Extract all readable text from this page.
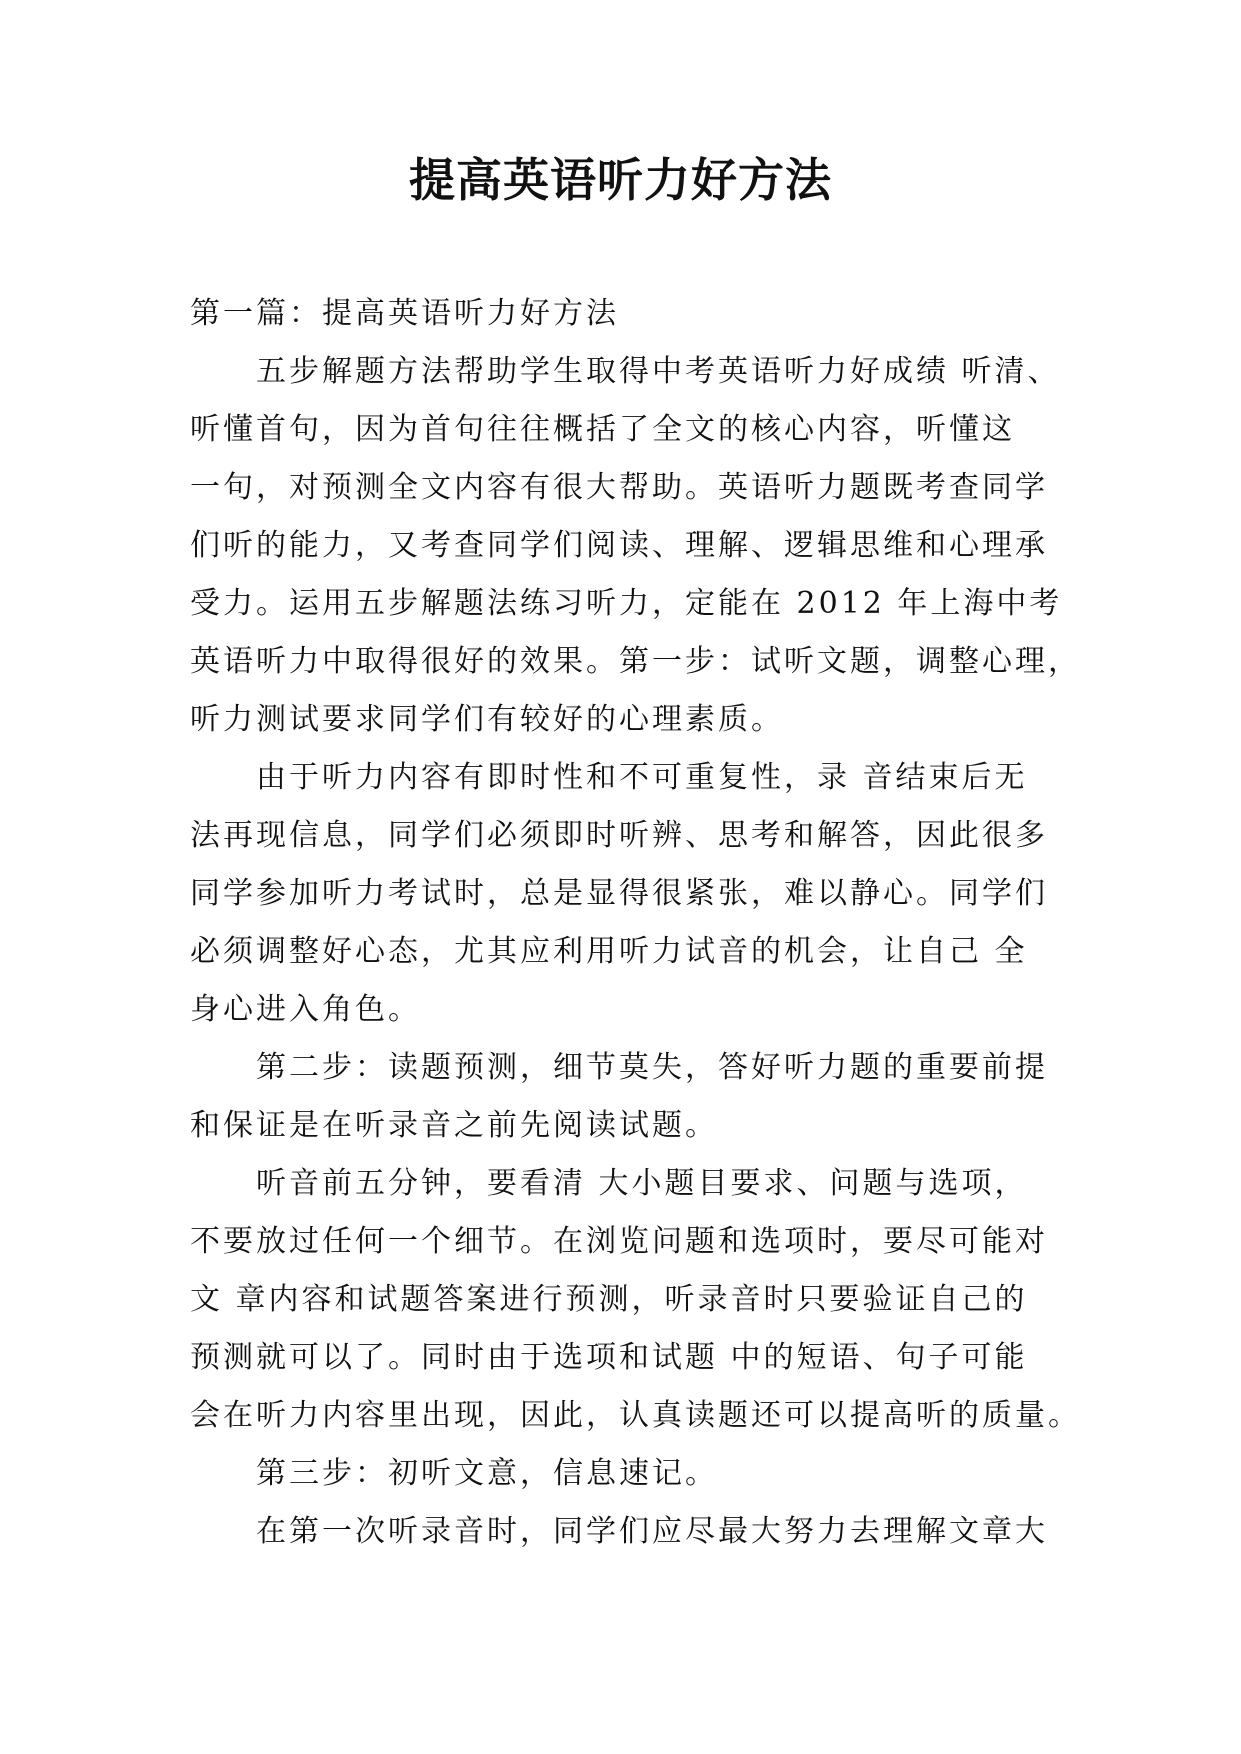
提高英语听力好方法
第一篇：提高英语听力好方法
五步解题方法帮助学生取得中考英语听力好成绩 听清、
听懂首句，因为首句往往概括了全文的核心内容，听懂这
一句，对预测全文内容有很大帮助。英语听力题既考查同学
们听的能力，又考查同学们阅读、理解、逻辑思维和心理承
受力。运用五步解题法练习听力，定能在 2012 年上海中考
英语听力中取得很好的效果。第一步：试听文题，调整心理，
听力测试要求同学们有较好的心理素质。
由于听力内容有即时性和不可重复性，录 音结束后无
法再现信息，同学们必须即时听辨、思考和解答，因此很多
同学参加听力考试时，总是显得很紧张，难以静心。同学们
必须调整好心态，尤其应利用听力试音的机会，让自己 全
身心进入角色。
第二步：读题预测，细节莫失，答好听力题的重要前提
和保证是在听录音之前先阅读试题。
听音前五分钟，要看清 大小题目要求、问题与选项，
不要放过任何一个细节。在浏览问题和选项时，要尽可能对
文 章内容和试题答案进行预测，听录音时只要验证自己的
预测就可以了。同时由于选项和试题 中的短语、句子可能
会在听力内容里出现，因此，认真读题还可以提高听的质量。
第三步：初听文意，信息速记。
在第一次听录音时，同学们应尽最大努力去理解文章大
